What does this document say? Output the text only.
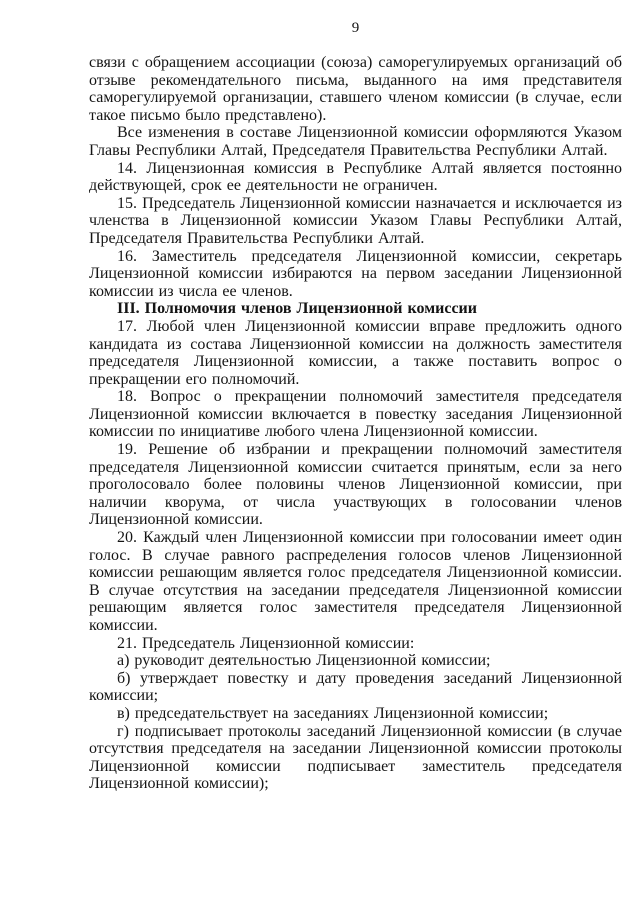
9

связи с обращением ассоциации (союза) саморегулируемых организаций об отзыве рекомендательного письма, выданного на имя представителя саморегулируемой организации, ставшего членом комиссии (в случае, если такое письмо было представлено).

Все изменения в составе Лицензионной комиссии оформляются Указом Главы Республики Алтай, Председателя Правительства Республики Алтай.

14. Лицензионная комиссия в Республике Алтай является постоянно действующей, срок ее деятельности не ограничен.

15. Председатель Лицензионной комиссии назначается и исключается из членства в Лицензионной комиссии Указом Главы Республики Алтай, Председателя Правительства Республики Алтай.

16. Заместитель председателя Лицензионной комиссии, секретарь Лицензионной комиссии избираются на первом заседании Лицензионной комиссии из числа ее членов.

III. Полномочия членов Лицензионной комиссии

17. Любой член Лицензионной комиссии вправе предложить одного кандидата из состава Лицензионной комиссии на должность заместителя председателя Лицензионной комиссии, а также поставить вопрос о прекращении его полномочий.

18. Вопрос о прекращении полномочий заместителя председателя Лицензионной комиссии включается в повестку заседания Лицензионной комиссии по инициативе любого члена Лицензионной комиссии.

19. Решение об избрании и прекращении полномочий заместителя председателя Лицензионной комиссии считается принятым, если за него проголосовало более половины членов Лицензионной комиссии, при наличии кворума, от числа участвующих в голосовании членов Лицензионной комиссии.

20. Каждый член Лицензионной комиссии при голосовании имеет один голос. В случае равного распределения голосов членов Лицензионной комиссии решающим является голос председателя Лицензионной комиссии. В случае отсутствия на заседании председателя Лицензионной комиссии решающим является голос заместителя председателя Лицензионной комиссии.

21. Председатель Лицензионной комиссии:

а) руководит деятельностью Лицензионной комиссии;

б) утверждает повестку и дату проведения заседаний Лицензионной комиссии;

в) председательствует на заседаниях Лицензионной комиссии;

г) подписывает протоколы заседаний Лицензионной комиссии (в случае отсутствия председателя на заседании Лицензионной комиссии протоколы Лицензионной комиссии подписывает заместитель председателя Лицензионной комиссии);
